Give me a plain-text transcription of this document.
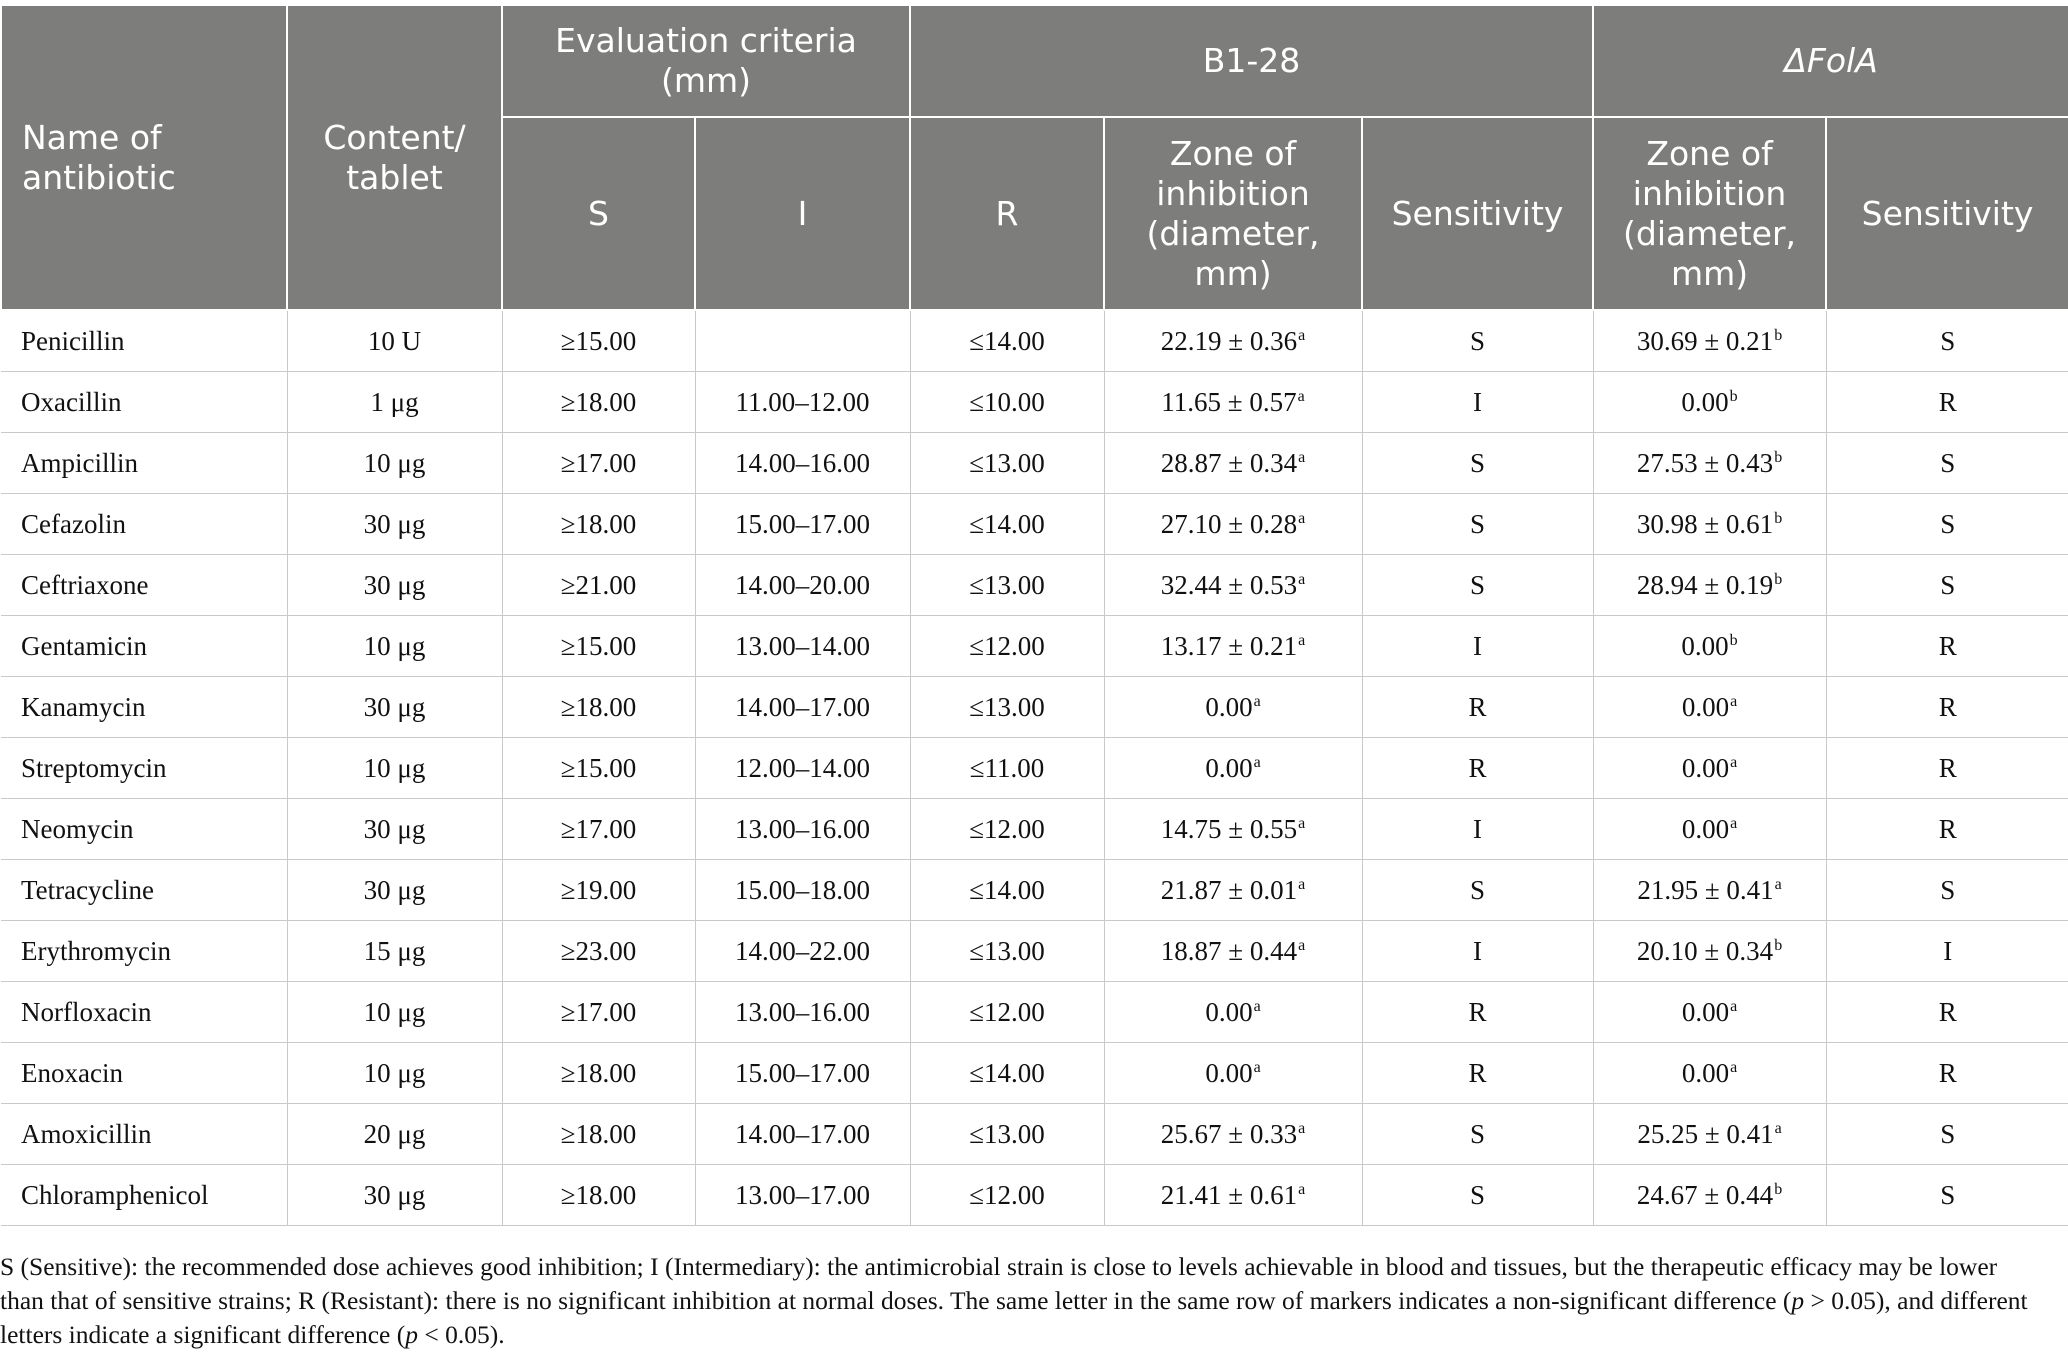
Name of antibiotic	Content/ tablet	Evaluation criteria (mm)		B1-28			ΔFolA	
		S	I	R	Zone of inhibition (diameter, mm)	Sensitivity	Zone of inhibition (diameter, mm)	Sensitivity
Penicillin	10 U	≥15.00		≤14.00	22.19 ± 0.36$^a$	S	30.69 ± 0.21$^b$	S
Oxacillin	1 μg	≥18.00	11.00–12.00	≤10.00	11.65 ± 0.57$^a$	I	0.00$^b$	R
Ampicillin	10 μg	≥17.00	14.00–16.00	≤13.00	28.87 ± 0.34$^a$	S	27.53 ± 0.43$^b$	S
Cefazolin	30 μg	≥18.00	15.00–17.00	≤14.00	27.10 ± 0.28$^a$	S	30.98 ± 0.61$^b$	S
Ceftriaxone	30 μg	≥21.00	14.00–20.00	≤13.00	32.44 ± 0.53$^a$	S	28.94 ± 0.19$^b$	S
Gentamicin	10 μg	≥15.00	13.00–14.00	≤12.00	13.17 ± 0.21$^a$	I	0.00$^b$	R
Kanamycin	30 μg	≥18.00	14.00–17.00	≤13.00	0.00$^a$	R	0.00$^a$	R
Streptomycin	10 μg	≥15.00	12.00–14.00	≤11.00	0.00$^a$	R	0.00$^a$	R
Neomycin	30 μg	≥17.00	13.00–16.00	≤12.00	14.75 ± 0.55$^a$	I	0.00$^a$	R
Tetracycline	30 μg	≥19.00	15.00–18.00	≤14.00	21.87 ± 0.01$^a$	S	21.95 ± 0.41$^a$	S
Erythromycin	15 μg	≥23.00	14.00–22.00	≤13.00	18.87 ± 0.44$^a$	I	20.10 ± 0.34$^b$	I
Norfloxacin	10 μg	≥17.00	13.00–16.00	≤12.00	0.00$^a$	R	0.00$^a$	R
Enoxacin	10 μg	≥18.00	15.00–17.00	≤14.00	0.00$^a$	R	0.00$^a$	R
Amoxicillin	20 μg	≥18.00	14.00–17.00	≤13.00	25.67 ± 0.33$^a$	S	25.25 ± 0.41$^a$	S
Chloramphenicol	30 μg	≥18.00	13.00–17.00	≤12.00	21.41 ± 0.61$^a$	S	24.67 ± 0.44$^b$	S
S (Sensitive): the recommended dose achieves good inhibition; I (Intermediary): the antimicrobial strain is close to levels achievable in blood and tissues, but the therapeutic efficacy may be lower than that of sensitive strains; R (Resistant): there is no significant inhibition at normal doses. The same letter in the same row of markers indicates a non-significant difference (p > 0.05), and different letters indicate a significant difference (p < 0.05).
